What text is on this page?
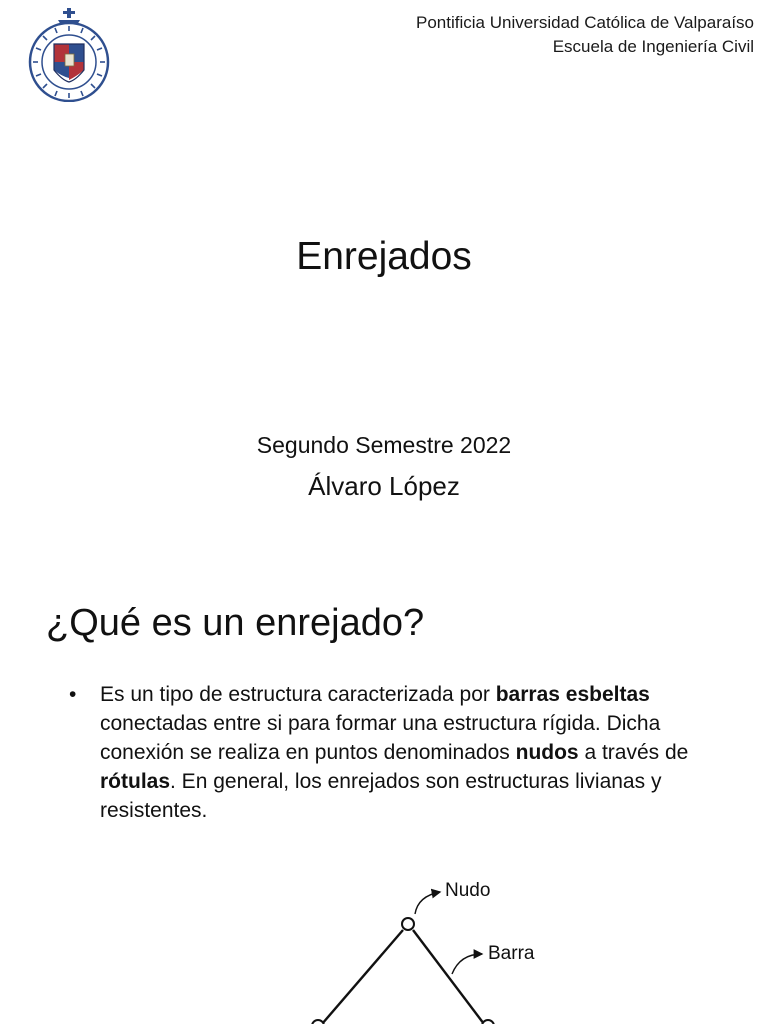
Pontificia Universidad Católica de Valparaíso
Escuela de Ingeniería Civil
Enrejados
Segundo Semestre 2022
Álvaro López
¿Qué es un enrejado?
• Es un tipo de estructura caracterizada por barras esbeltas conectadas entre si para formar una estructura rígida. Dicha conexión se realiza en puntos denominados nudos a través de rótulas. En general, los enrejados son estructuras livianas y resistentes.
Nudo
Barra
